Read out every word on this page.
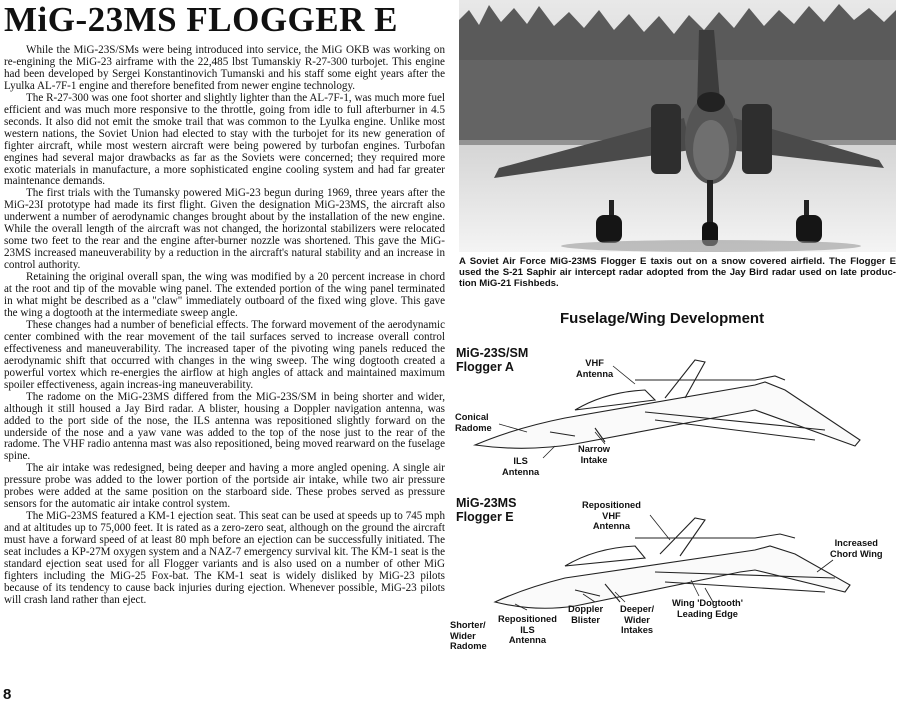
MiG-23MS FLOGGER E

While the MiG-23S/SMs were being introduced into service, the MiG OKB was working on re-engining the MiG-23 airframe with the 22,485 lbst Tumanskiy R-27-300 turbojet. This engine had been developed by Sergei Konstantinovich Tumanski and his staff some eight years after the Lyulka AL-7F-1 engine and therefore benefited from newer engine technology.

The R-27-300 was one foot shorter and slightly lighter than the AL-7F-1, was much more fuel efficient and was much more responsive to the throttle, going from idle to full afterburner in 4.5 seconds. It also did not emit the smoke trail that was common to the Lyulka engine. Unlike most western nations, the Soviet Union had elected to stay with the turbojet for its new generation of fighter aircraft, while most western aircraft were being powered by turbofan engines. Turbofan engines had several major drawbacks as far as the Soviets were concerned; they required more exotic materials in manufacture, a more sophisticated engine cooling system and had far greater maintenance demands.

The first trials with the Tumansky powered MiG-23 begun during 1969, three years after the MiG-23I prototype had made its first flight. Given the designation MiG-23MS, the aircraft also underwent a number of aerodynamic changes brought about by the installation of the new engine. While the overall length of the aircraft was not changed, the horizontal stabilizers were relocated some two feet to the rear and the engine after-burner nozzle was shortened. This gave the MiG-23MS increased maneuverability by a reduction in the aircraft's natural stability and an increase in control authority.

Retaining the original overall span, the wing was modified by a 20 percent increase in chord at the root and tip of the movable wing panel. The extended portion of the wing panel terminated in what might be described as a "claw" immediately outboard of the fixed wing glove. This gave the wing a dogtooth at the intermediate sweep angle.

These changes had a number of beneficial effects. The forward movement of the aerodynamic center combined with the rear movement of the tail surfaces served to increase overall control effectiveness and maneuverability. The increased taper of the pivoting wing panels reduced the aerodynamic shift that occurred with changes in the wing sweep. The wing dogtooth created a powerful vortex which re-energies the airflow at high angles of attack and maintained maximum spoiler effectiveness, again increas-ing maneuverability.

The radome on the MiG-23MS differed from the MiG-23S/SM in being shorter and wider, although it still housed a Jay Bird radar. A blister, housing a Doppler navigation antenna, was added to the port side of the nose, the ILS antenna was repositioned slightly forward on the underside of the nose and a yaw vane was added to the top of the nose just to the rear of the radome. The VHF radio antenna mast was also repositioned, being moved rearward on the fuselage spine.

The air intake was redesigned, being deeper and having a more angled opening. A single air pressure probe was added to the lower portion of the portside air intake, while two air pressure probes were added at the same position on the starboard side. These probes served as pressure sensors for the automatic air intake control system.

The MiG-23MS featured a KM-1 ejection seat. This seat can be used at speeds up to 745 mph and at altitudes up to 75,000 feet. It is rated as a zero-zero seat, although on the ground the aircraft must have a forward speed of at least 80 mph before an ejection can be successfully initiated. The seat includes a KP-27M oxygen system and a NAZ-7 emergency survival kit. The KM-1 seat is the standard ejection seat used for all Flogger variants and is also used on a number of other MiG fighters including the MiG-25 Fox-bat. The KM-1 seat is widely disliked by MiG-23 pilots because of its tendency to cause back injuries during ejection. Whenever possible, MiG-23 pilots will crash land rather than eject.

8
A Soviet Air Force MiG-23MS Flogger E taxis out on a snow covered airfield. The Flogger E used the S-21 Saphir air intercept radar adopted from the Jay Bird radar used on late produc-tion MiG-21 Fishbeds.
Fuselage/Wing Development
MiG-23S/SM
Flogger A	VHF
Antenna
Conical
Radome
Narrow
Intake
ILS
Antenna
MiG-23MS
Flogger E
Repositioned
VHF
Antenna
Increased
Chord Wing
Wing 'Dogtooth'
Leading Edge
Doppler
Blister
Deeper/
Wider
Intakes
Repositioned
ILS
Antenna
Shorter/
Wider
Radome
